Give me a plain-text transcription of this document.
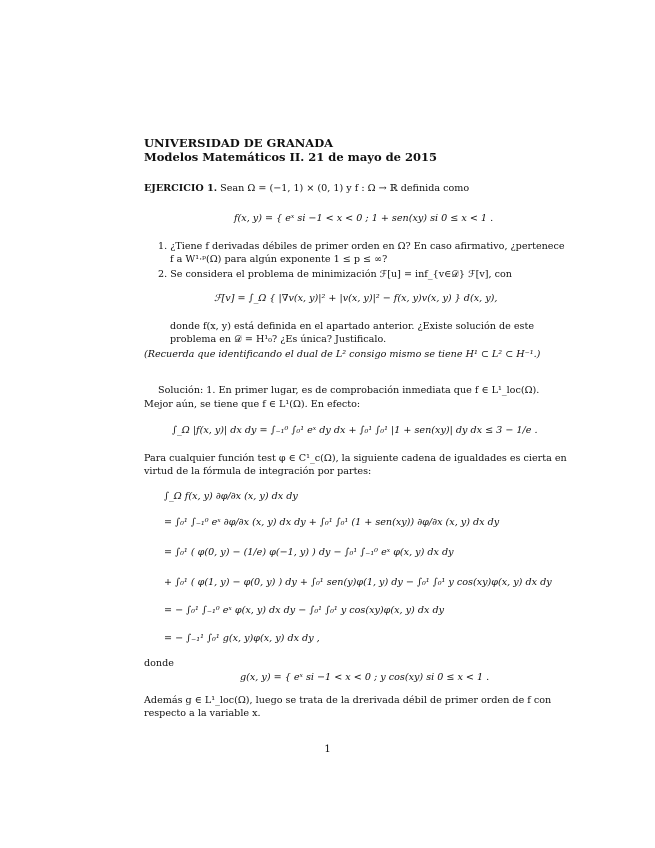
UNIVERSIDAD DE GRANADA
Modelos Matemáticos II. 21 de mayo de 2015
EJERCICIO 1. Sean Ω = (−1, 1) × (0, 1) y f : Ω → ℝ definida como
f(x, y) = { eˣ si −1 < x < 0 ; 1 + sen(xy) si 0 ≤ x < 1 .
1. ¿Tiene f derivadas débiles de primer orden en Ω? En caso afirmativo, ¿pertenece
f a W¹·ᵖ(Ω) para algún exponente 1 ≤ p ≤ ∞?
2. Se considera el problema de minimización ℱ[u] = inf_{v∈𝒟} ℱ[v], con
ℱ[v] = ∫_Ω { |∇v(x, y)|² + |v(x, y)|² − f(x, y)v(x, y) } d(x, y),
donde f(x, y) está definida en el apartado anterior. ¿Existe solución de este
problema en 𝒟 = H¹₀? ¿Es única? Justificalo.
(Recuerda que identificando el dual de L² consigo mismo se tiene H¹ ⊂ L² ⊂ H⁻¹.)
Solución: 1. En primer lugar, es de comprobación inmediata que f ∈ L¹_loc(Ω).
Mejor aún, se tiene que f ∈ L¹(Ω). En efecto:
∫_Ω |f(x, y)| dx dy = ∫₋₁⁰ ∫₀¹ eˣ dy dx + ∫₀¹ ∫₀¹ |1 + sen(xy)| dy dx ≤ 3 − 1/e .
Para cualquier función test φ ∈ C¹_c(Ω), la siguiente cadena de igualdades es cierta en
virtud de la fórmula de integración por partes:
∫_Ω f(x, y) ∂φ/∂x (x, y) dx dy
= ∫₀¹ ∫₋₁⁰ eˣ ∂φ/∂x (x, y) dx dy + ∫₀¹ ∫₀¹ (1 + sen(xy)) ∂φ/∂x (x, y) dx dy
= ∫₀¹ ( φ(0, y) − (1/e) φ(−1, y) ) dy − ∫₀¹ ∫₋₁⁰ eˣ φ(x, y) dx dy
+ ∫₀¹ ( φ(1, y) − φ(0, y) ) dy + ∫₀¹ sen(y)φ(1, y) dy − ∫₀¹ ∫₀¹ y cos(xy)φ(x, y) dx dy
= − ∫₀¹ ∫₋₁⁰ eˣ φ(x, y) dx dy − ∫₀¹ ∫₀¹ y cos(xy)φ(x, y) dx dy
= − ∫₋₁¹ ∫₀¹ g(x, y)φ(x, y) dx dy ,
donde
g(x, y) = { eˣ si −1 < x < 0 ; y cos(xy) si 0 ≤ x < 1 .
Además g ∈ L¹_loc(Ω), luego se trata de la drerivada débil de primer orden de f con
respecto a la variable x.
1
